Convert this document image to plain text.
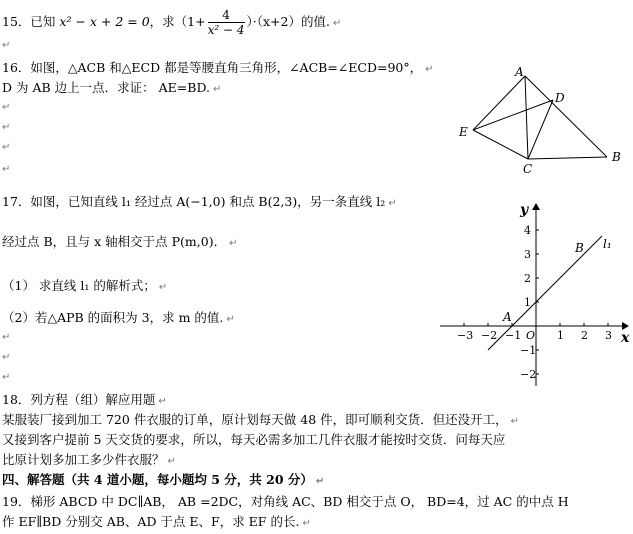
15．已知 x² − x + 2 = 0，求$(1+ \frac{4}{\text{x² − 4}} )\cdot(x+2)$的值. ↵
↵
16．如图，△ACB 和△ECD 都是等腰直角三角形，∠ACB=∠ECD=90°， ↵
D 为 AB 边上一点．求证： AE=BD. ↵
↵
↵
↵
↵
A
D
E
C
B
17．如图，已知直线 l₁ 经过点 A(−1,0) 和点 B(2,3)，另一条直线 l₂ ↵
经过点 B，且与 x 轴相交于点 P(m,0)． ↵
（1） 求直线 l₁ 的解析式； ↵
（2）若△APB 的面积为 3，求 m 的值. ↵
↵
↵
↵
x
y
O
−3 −2 −1	1 2 3
4
3
2
1
−1
−2
A
B l₁
18．列方程（组）解应用题 ↵
某服装厂接到加工 720 件衣服的订单，原计划每天做 48 件，即可顺利交货．但还没开工， ↵
又接到客户提前 5 天交货的要求，所以，每天必需多加工几件衣服才能按时交货．问每天应
比原计划多加工多少件衣服？ ↵
四、解答题（共 4 道小题，每小题均 5 分，共 20 分） ↵
19．梯形 ABCD 中 DC∥AB， AB =2DC，对角线 AC、BD 相交于点 O， BD=4，过 AC 的中点 H
作 EF∥BD 分别交 AB、AD 于点 E、F，求 EF 的长. ↵
